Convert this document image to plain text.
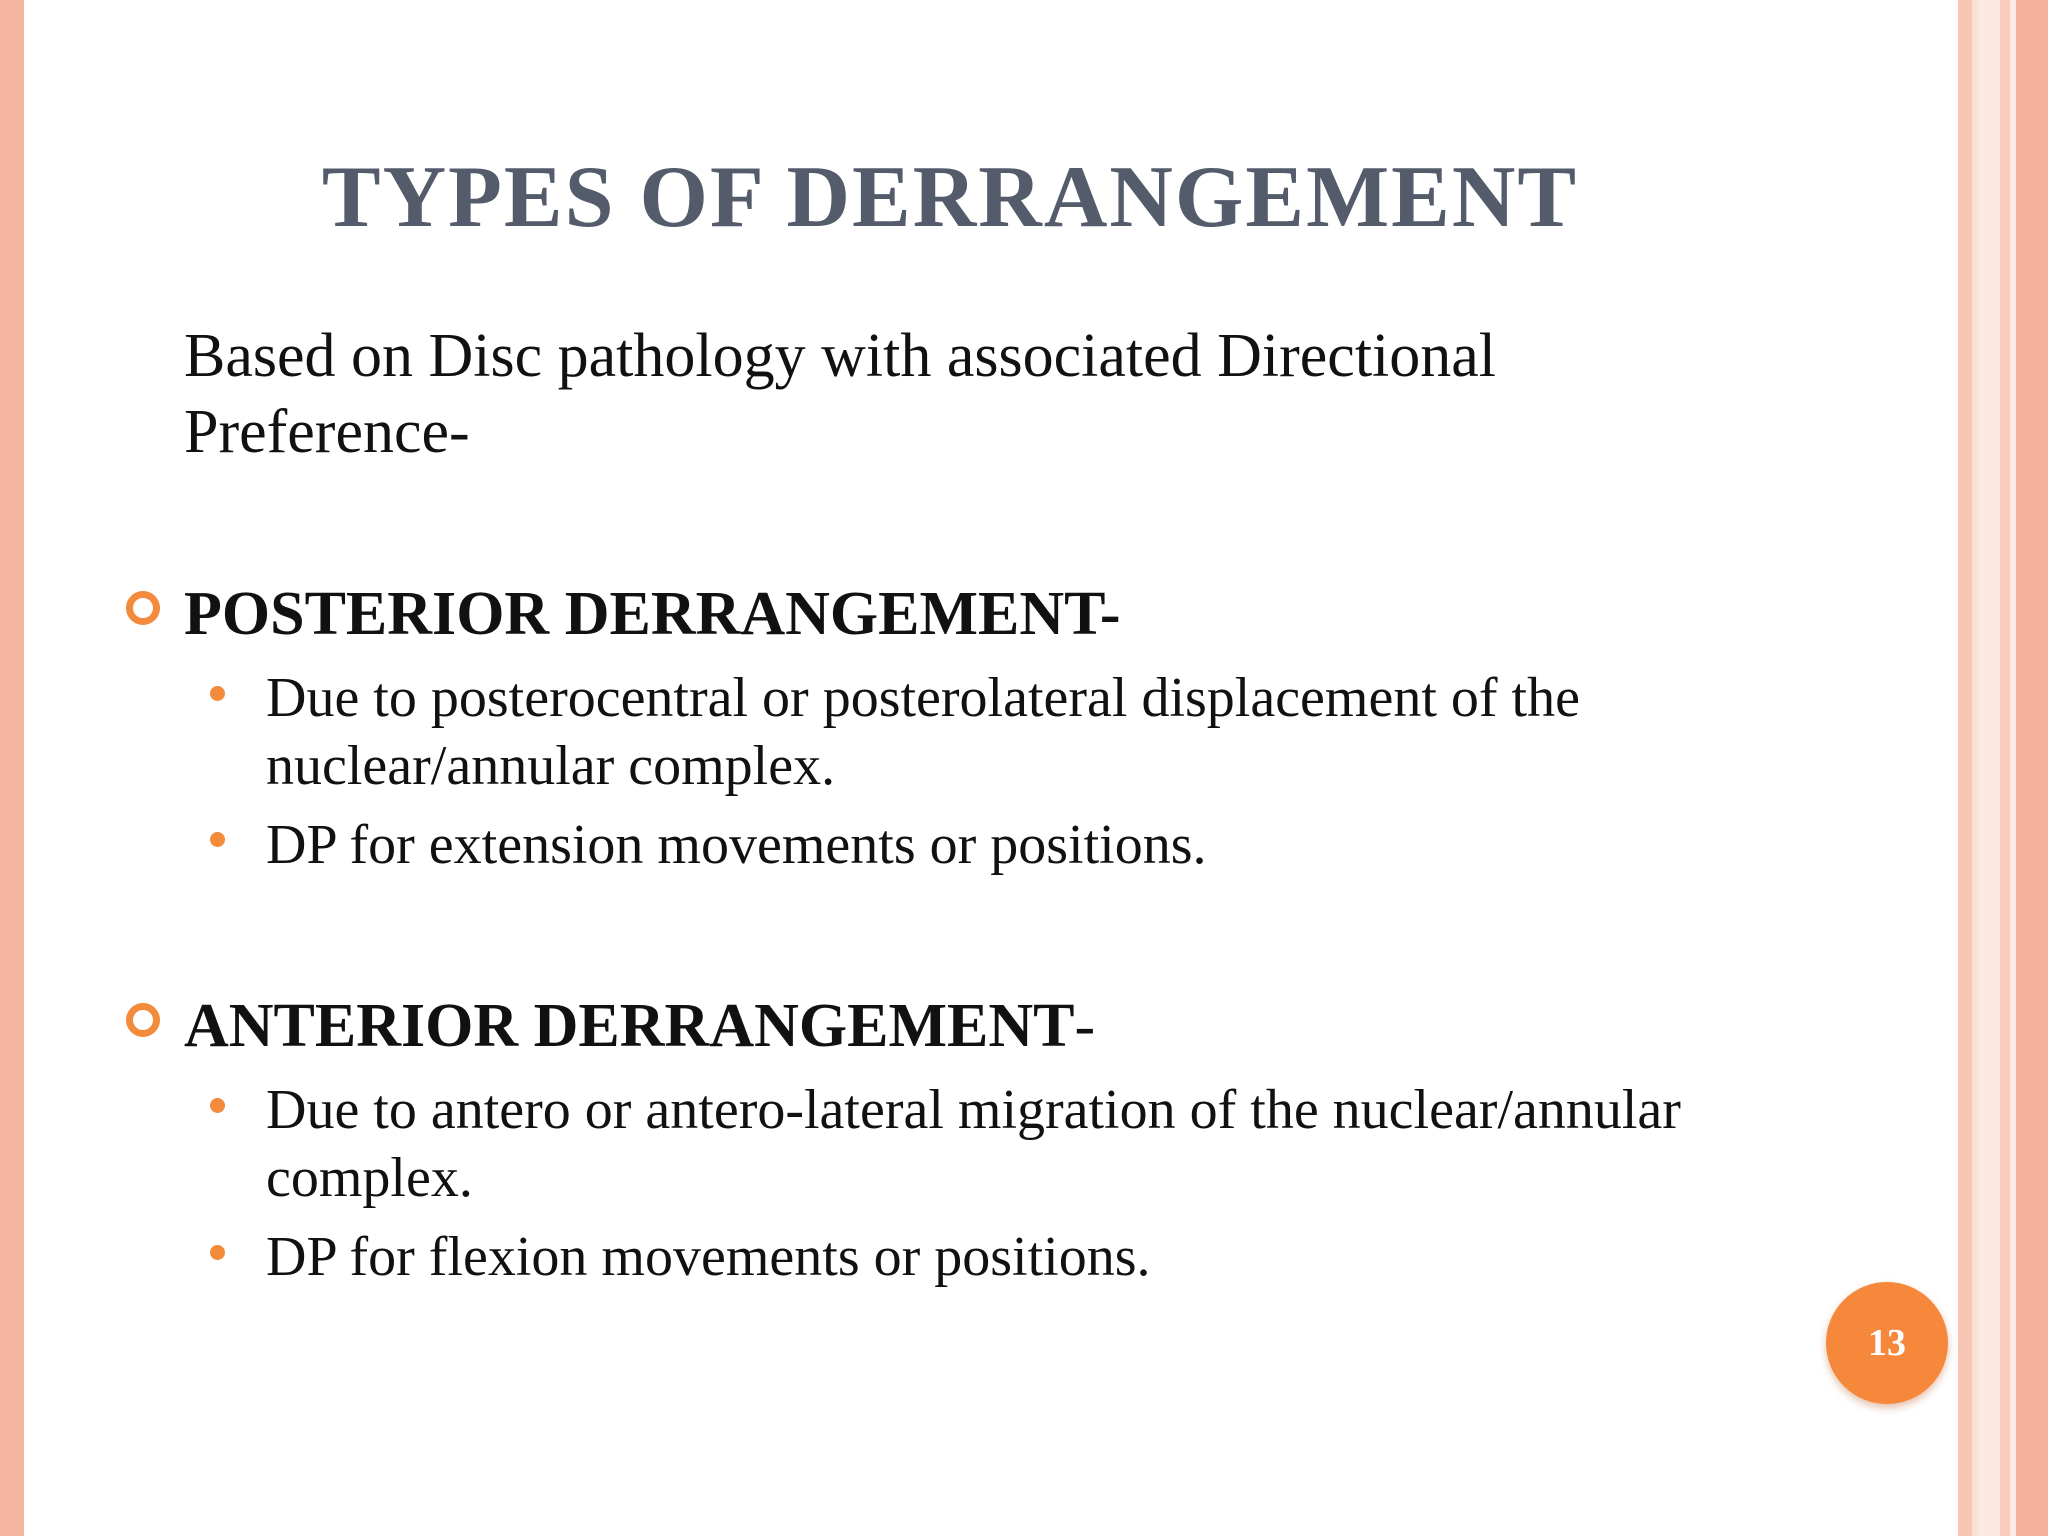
TYPES OF DERRANGEMENT
Based on Disc pathology with associated Directional Preference-
POSTERIOR DERRANGEMENT-
Due to posterocentral or posterolateral displacement of the nuclear/annular complex.
DP for extension movements or positions.
ANTERIOR DERRANGEMENT-
Due to antero or antero-lateral migration of the nuclear/annular complex.
DP for flexion movements or positions.
13
